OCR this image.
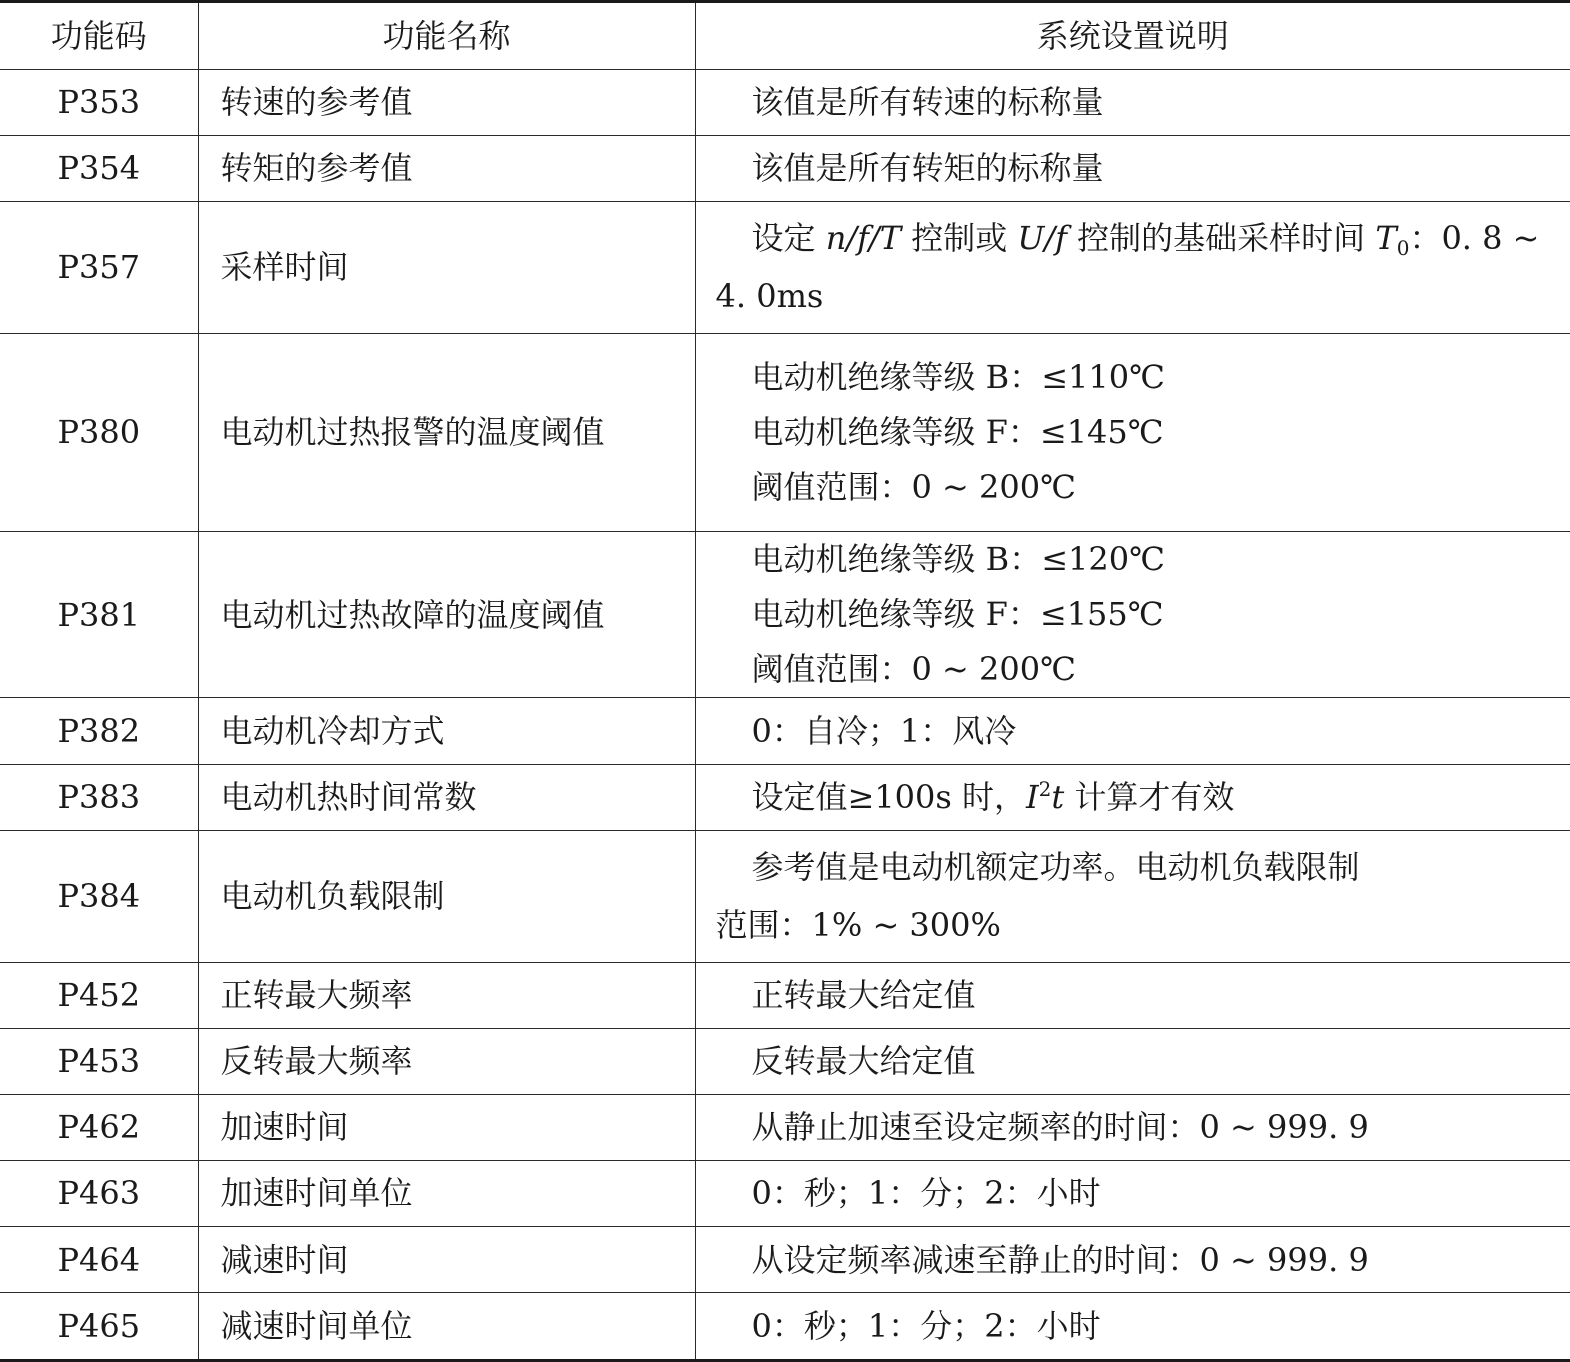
功能码	功能名称	系统设置说明
P353	转速的参考值	该值是所有转速的标称量

P354	转矩的参考值	该值是所有转矩的标称量

P357	采样时间	设定 n/f/T 控制或 U/f 控制的基础采样时间 $T_0$：0. 8 ~
4. 0ms

P380	电动机过热报警的温度阈值	电动机绝缘等级 B：≤110℃
电动机绝缘等级 F：≤145℃
阈值范围：0 ~ 200℃

P381	电动机过热故障的温度阈值	电动机绝缘等级 B：≤120℃
电动机绝缘等级 F：≤155℃
阈值范围：0 ~ 200℃

P382	电动机冷却方式	0：自冷；1：风冷

P383	电动机热时间常数	设定值≥100s 时，$I^2t$ 计算才有效

P384	电动机负载限制	参考值是电动机额定功率。电动机负载限制
范围：1% ~ 300%

P452	正转最大频率	正转最大给定值

P453	反转最大频率	反转最大给定值

P462	加速时间	从静止加速至设定频率的时间：0 ~ 999. 9

P463	加速时间单位	0：秒；1：分；2：小时

P464	减速时间	从设定频率减速至静止的时间：0 ~ 999. 9

P465	减速时间单位	0：秒；1：分；2：小时
